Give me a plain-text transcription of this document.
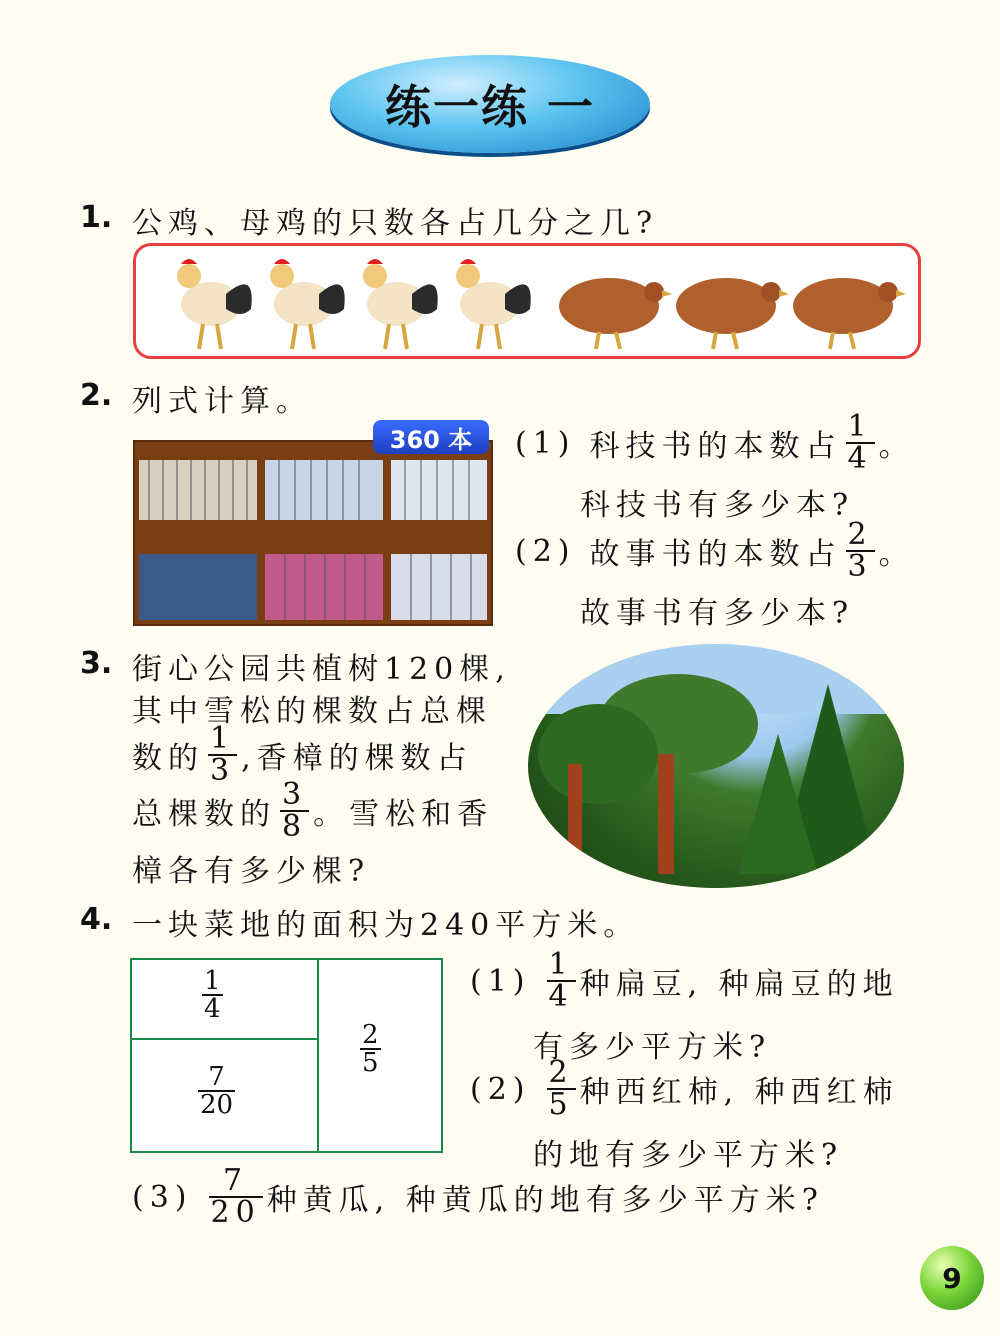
练一练 一
1. 公鸡、母鸡的只数各占几分之几?
2. 列式计算。
360 本	(1) 科技书的本数占 $\frac{1}{4}$ 。
科技书有多少本?
(2) 故事书的本数占 $\frac{2}{3}$ 。
故事书有多少本?
3. 街心公园共植树120棵,
其中雪松的棵数占总棵
数的 $\frac{1}{3}$ ,香樟的棵数占
总棵数的 $\frac{3}{8}$ 。雪松和香
樟各有多少棵?
4. 一块菜地的面积为240平方米。
$\frac{1}{4}$
$\frac{7}{20}$
$\frac{2}{5}$
$(1) \frac{1}{4}$ 种扁豆, 种扁豆的地
有多少平方米?
$(2) \frac{2}{5}$ 种西红柿, 种西红柿
的地有多少平方米?
$(3) \frac{7}{20}$ 种黄瓜, 种黄瓜的地有多少平方米?
9
